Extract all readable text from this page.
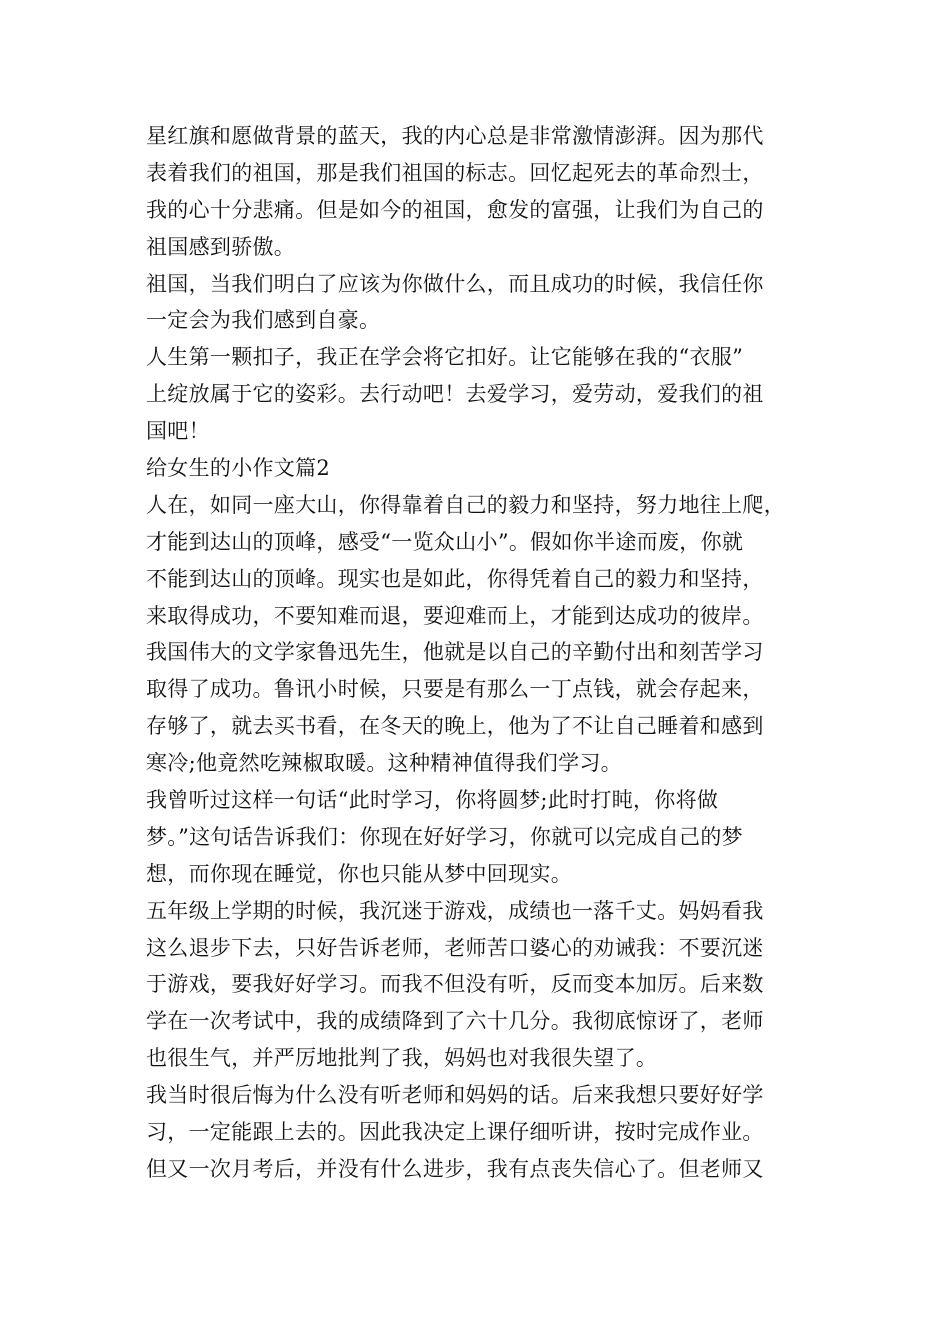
星红旗和愿做背景的蓝天，我的内心总是非常激情澎湃。因为那代
表着我们的祖国，那是我们祖国的标志。回忆起死去的革命烈士，
我的心十分悲痛。但是如今的祖国，愈发的富强，让我们为自己的
祖国感到骄傲。
祖国，当我们明白了应该为你做什么，而且成功的时候，我信任你
一定会为我们感到自豪。
人生第一颗扣子，我正在学会将它扣好。让它能够在我的“衣服”
上绽放属于它的姿彩。去行动吧！去爱学习，爱劳动，爱我们的祖
国吧！
给女生的小作文篇2
人在，如同一座大山，你得靠着自己的毅力和坚持，努力地往上爬，
才能到达山的顶峰，感受“一览众山小”。假如你半途而废，你就
不能到达山的顶峰。现实也是如此，你得凭着自己的毅力和坚持，
来取得成功，不要知难而退，要迎难而上，才能到达成功的彼岸。
我国伟大的文学家鲁迅先生，他就是以自己的辛勤付出和刻苦学习
取得了成功。鲁讯小时候，只要是有那么一丁点钱，就会存起来，
存够了，就去买书看，在冬天的晚上，他为了不让自己睡着和感到
寒冷;他竟然吃辣椒取暖。这种精神值得我们学习。
我曾听过这样一句话“此时学习，你将圆梦;此时打盹，你将做
梦。”这句话告诉我们：你现在好好学习，你就可以完成自己的梦
想，而你现在睡觉，你也只能从梦中回现实。
五年级上学期的时候，我沉迷于游戏，成绩也一落千丈。妈妈看我
这么退步下去，只好告诉老师，老师苦口婆心的劝诫我：不要沉迷
于游戏，要我好好学习。而我不但没有听，反而变本加厉。后来数
学在一次考试中，我的成绩降到了六十几分。我彻底惊讶了，老师
也很生气，并严厉地批判了我，妈妈也对我很失望了。
我当时很后悔为什么没有听老师和妈妈的话。后来我想只要好好学
习，一定能跟上去的。因此我决定上课仔细听讲，按时完成作业。
但又一次月考后，并没有什么进步，我有点丧失信心了。但老师又
